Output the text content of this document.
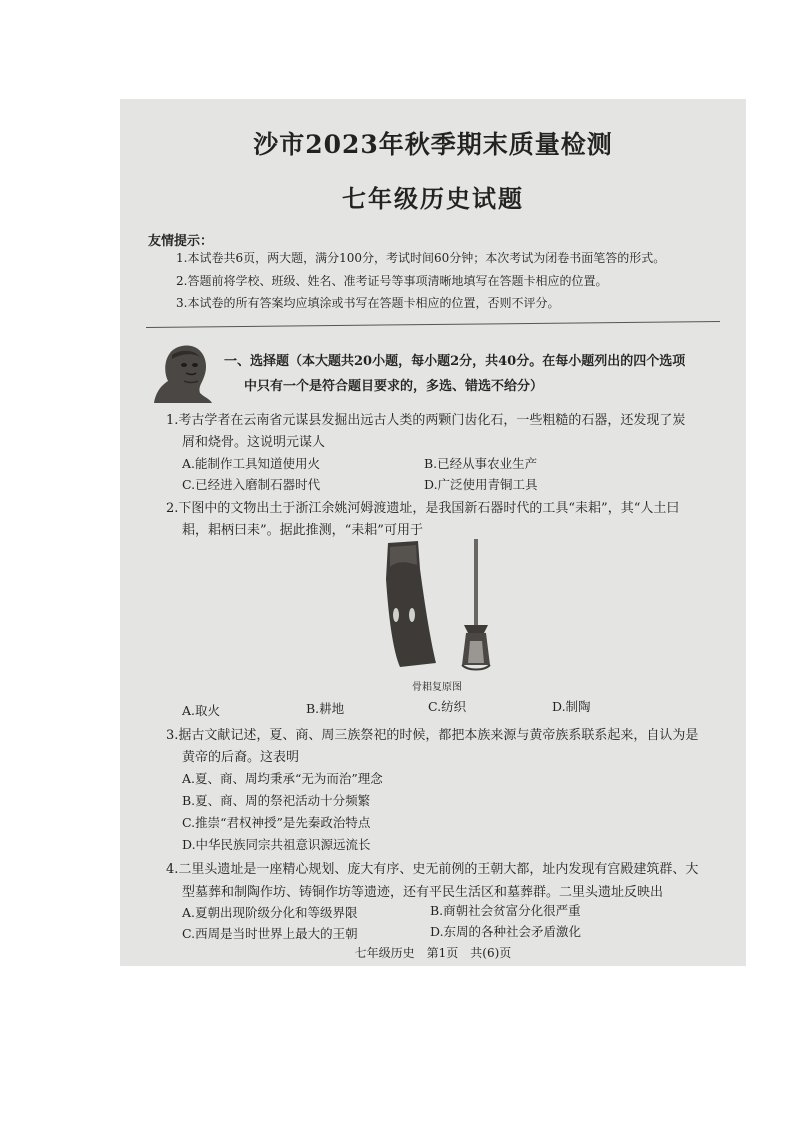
沙市2023年秋季期末质量检测
七年级历史试题
友情提示：
1.本试卷共6页，两大题，满分100分，考试时间60分钟；本次考试为闭卷书面笔答的形式。
2.答题前将学校、班级、姓名、准考证号等事项清晰地填写在答题卡相应的位置。
3.本试卷的所有答案均应填涂或书写在答题卡相应的位置，否则不评分。
一、选择题（本大题共20小题，每小题2分，共40分。在每小题列出的四个选项
中只有一个是符合题目要求的，多选、错选不给分）
1.考古学者在云南省元谋县发掘出远古人类的两颗门齿化石，一些粗糙的石器，还发现了炭
屑和烧骨。这说明元谋人
A.能制作工具知道使用火	B.已经从事农业生产
C.已经进入磨制石器时代	D.广泛使用青铜工具
2.下图中的文物出土于浙江余姚河姆渡遗址，是我国新石器时代的工具“耒耜”，其“人土曰
耜，耜柄曰耒”。据此推测，“耒耜”可用于
骨耜复原图
A.取火	B.耕地	C.纺织	D.制陶
3.据古文献记述，夏、商、周三族祭祀的时候，都把本族来源与黄帝族系联系起来，自认为是
黄帝的后裔。这表明
A.夏、商、周均秉承“无为而治”理念
B.夏、商、周的祭祀活动十分频繁
C.推崇“君权神授”是先秦政治特点
D.中华民族同宗共祖意识源远流长
4.二里头遗址是一座精心规划、庞大有序、史无前例的王朝大都，址内发现有宫殿建筑群、大
型墓葬和制陶作坊、铸铜作坊等遗迹，还有平民生活区和墓葬群。二里头遗址反映出
A.夏朝出现阶级分化和等级界限	B.商朝社会贫富分化很严重
C.西周是当时世界上最大的王朝	D.东周的各种社会矛盾激化
七年级历史　第1页　共(6)页
